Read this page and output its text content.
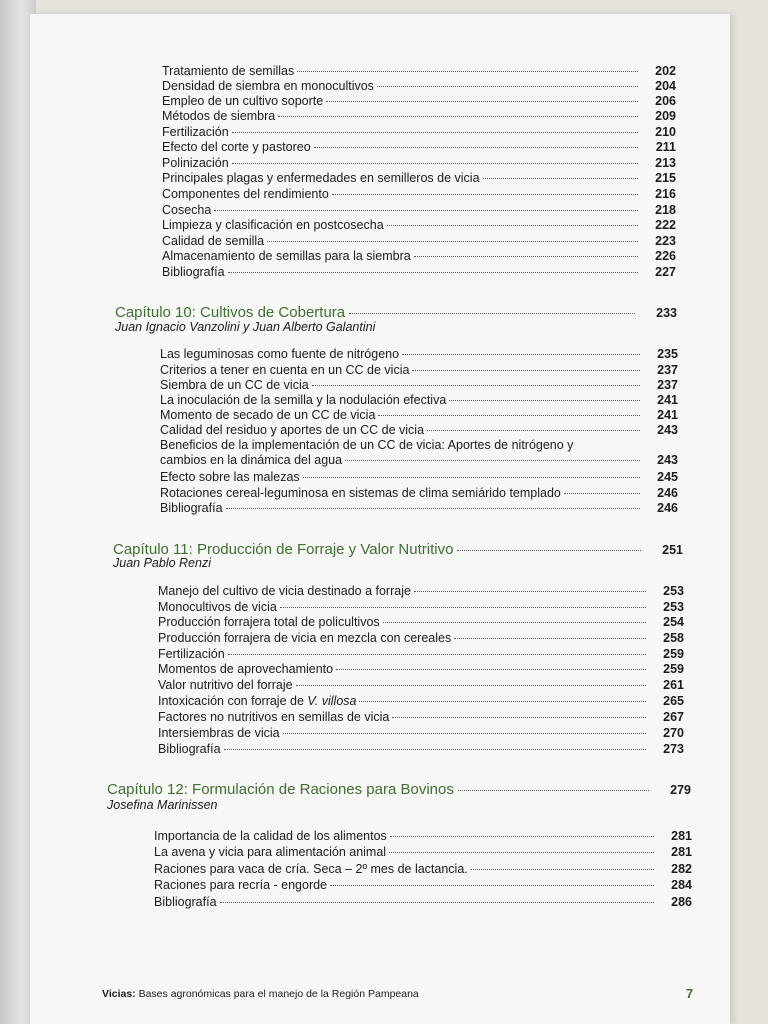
Tratamiento de semillas	202
Densidad de siembra en monocultivos	204
Empleo de un cultivo soporte	206
Métodos de siembra	209
Fertilización	210
Efecto del corte y pastoreo	211
Polinización	213
Principales plagas y enfermedades en semilleros de vicia	215
Componentes del rendimiento	216
Cosecha	218
Limpieza y clasificación en postcosecha	222
Calidad de semilla	223
Almacenamiento de semillas para la siembra	226
Bibliografía	227
Capítulo 10: Cultivos de Cobertura	233
Juan Ignacio Vanzolini y Juan Alberto Galantini
Las leguminosas como fuente de nitrógeno	235
Criterios a tener en cuenta en un CC de vicia	237
Siembra de un CC de vicia	237
La inoculación de la semilla y la nodulación efectiva	241
Momento de secado de un CC de vicia	241
Calidad del residuo y aportes de un CC de vicia	243
Beneficios de la implementación de un CC de vicia: Aportes de nitrógeno y
cambios en la dinámica del agua	243
Efecto sobre las malezas	245
Rotaciones cereal-leguminosa en sistemas de clima semiárido templado	246
Bibliografía	246
Capítulo 11: Producción de Forraje y Valor Nutritivo	251
Juan Pablo Renzi
Manejo del cultivo de vicia destinado a forraje	253
Monocultivos de vicia	253
Producción forrajera total de policultivos	254
Producción forrajera de vicia en mezcla con cereales	258
Fertilización	259
Momentos de aprovechamiento	259
Valor nutritivo del forraje	261
Intoxicación con forraje de V. villosa	265
Factores no nutritivos en semillas de vicia	267
Intersiembras de vicia	270
Bibliografía	273
Capítulo 12: Formulación de Raciones para Bovinos	279
Josefina Marinissen
Importancia de la calidad de los alimentos	281
La avena y vicia para alimentación animal	281
Raciones para vaca de cría. Seca – 2º mes de lactancia.	282
Raciones para recría - engorde	284
Bibliografía	286
Vicias: Bases agronómicas para el manejo de la Región Pampeana	7
